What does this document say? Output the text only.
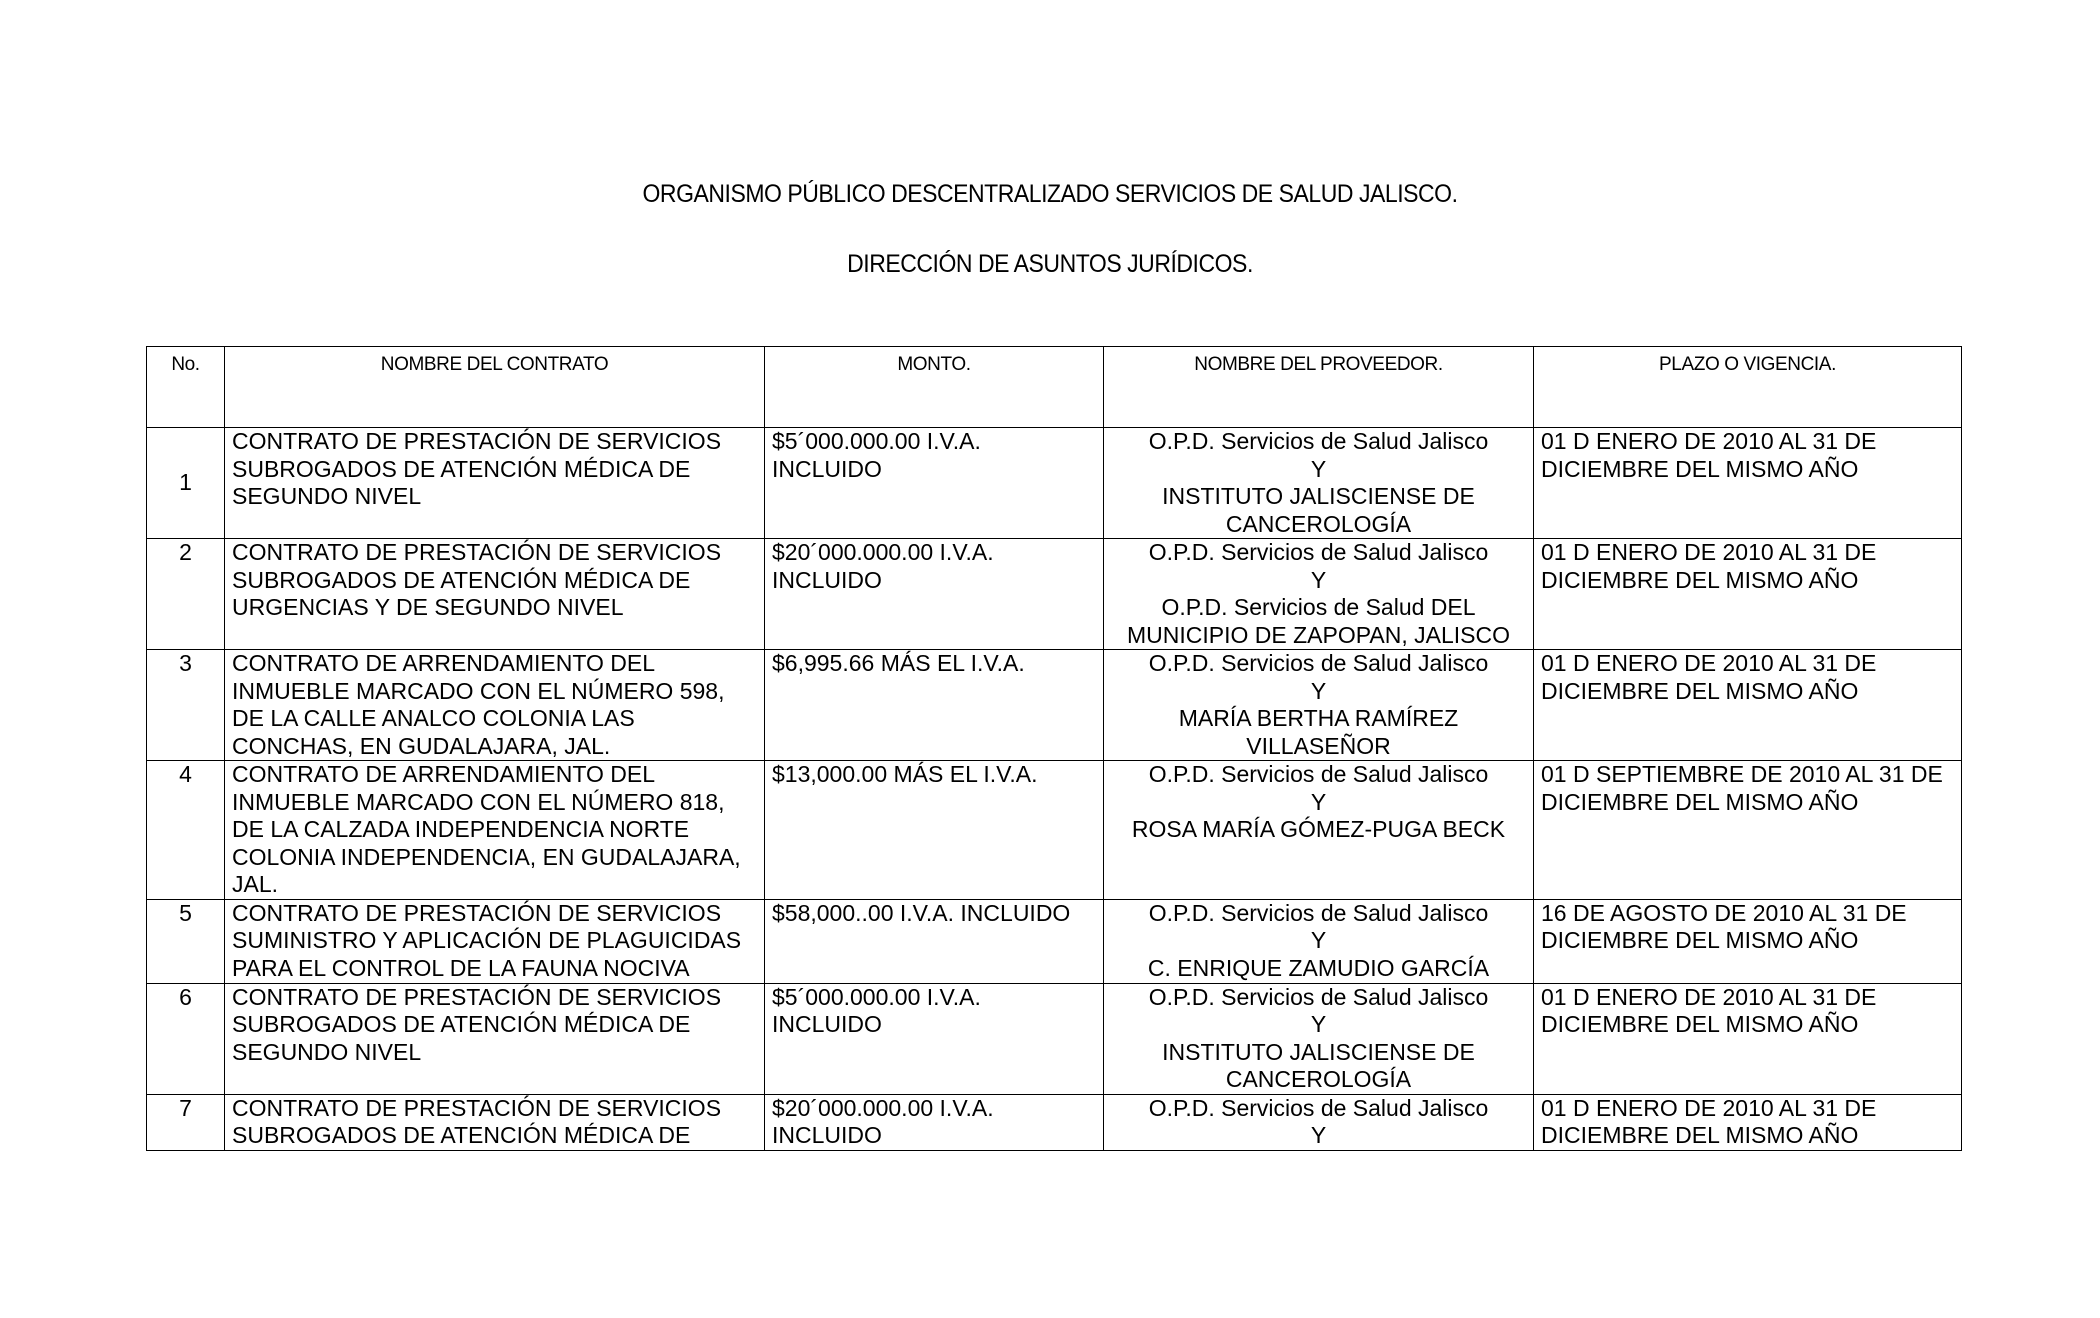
ORGANISMO PÚBLICO DESCENTRALIZADO SERVICIOS DE SALUD JALISCO.
DIRECCIÓN DE ASUNTOS JURÍDICOS.
No.	NOMBRE DEL CONTRATO	MONTO.	NOMBRE DEL PROVEEDOR.	PLAZO O VIGENCIA.
1	CONTRATO DE PRESTACIÓN DE SERVICIOS
SUBROGADOS DE ATENCIÓN MÉDICA DE
SEGUNDO NIVEL	$5´000.000.00 I.V.A.
INCLUIDO	O.P.D. Servicios de Salud Jalisco
Y
INSTITUTO JALISCIENSE DE
CANCEROLOGÍA	01 D ENERO DE 2010 AL 31 DE
DICIEMBRE DEL MISMO AÑO

2	CONTRATO DE PRESTACIÓN DE SERVICIOS
SUBROGADOS DE ATENCIÓN MÉDICA DE
URGENCIAS Y DE SEGUNDO NIVEL	$20´000.000.00 I.V.A.
INCLUIDO	O.P.D. Servicios de Salud Jalisco
Y
O.P.D. Servicios de Salud DEL
MUNICIPIO DE ZAPOPAN, JALISCO	01 D ENERO DE 2010 AL 31 DE
DICIEMBRE DEL MISMO AÑO

3	CONTRATO DE ARRENDAMIENTO DEL
INMUEBLE MARCADO CON EL NÚMERO 598,
DE LA CALLE ANALCO COLONIA LAS
CONCHAS, EN GUDALAJARA, JAL.	$6,995.66 MÁS EL I.V.A.	O.P.D. Servicios de Salud Jalisco
Y
MARÍA BERTHA RAMÍREZ
VILLASEÑOR	01 D ENERO DE 2010 AL 31 DE
DICIEMBRE DEL MISMO AÑO

4	CONTRATO DE ARRENDAMIENTO DEL
INMUEBLE MARCADO CON EL NÚMERO 818,
DE LA CALZADA INDEPENDENCIA NORTE
COLONIA INDEPENDENCIA, EN GUDALAJARA,
JAL.	$13,000.00 MÁS EL I.V.A.	O.P.D. Servicios de Salud Jalisco
Y
ROSA MARÍA GÓMEZ-PUGA BECK	01 D SEPTIEMBRE DE 2010 AL 31 DE
DICIEMBRE DEL MISMO AÑO

5	CONTRATO DE PRESTACIÓN DE SERVICIOS
SUMINISTRO Y APLICACIÓN DE PLAGUICIDAS
PARA EL CONTROL DE LA FAUNA NOCIVA	$58,000..00 I.V.A. INCLUIDO	O.P.D. Servicios de Salud Jalisco
Y
C. ENRIQUE ZAMUDIO GARCÍA	16 DE AGOSTO DE 2010 AL 31 DE
DICIEMBRE DEL MISMO AÑO

6	CONTRATO DE PRESTACIÓN DE SERVICIOS
SUBROGADOS DE ATENCIÓN MÉDICA DE
SEGUNDO NIVEL	$5´000.000.00 I.V.A.
INCLUIDO	O.P.D. Servicios de Salud Jalisco
Y
INSTITUTO JALISCIENSE DE
CANCEROLOGÍA	01 D ENERO DE 2010 AL 31 DE
DICIEMBRE DEL MISMO AÑO

7	CONTRATO DE PRESTACIÓN DE SERVICIOS
SUBROGADOS DE ATENCIÓN MÉDICA DE	$20´000.000.00 I.V.A.
INCLUIDO	O.P.D. Servicios de Salud Jalisco
Y	01 D ENERO DE 2010 AL 31 DE
DICIEMBRE DEL MISMO AÑO
